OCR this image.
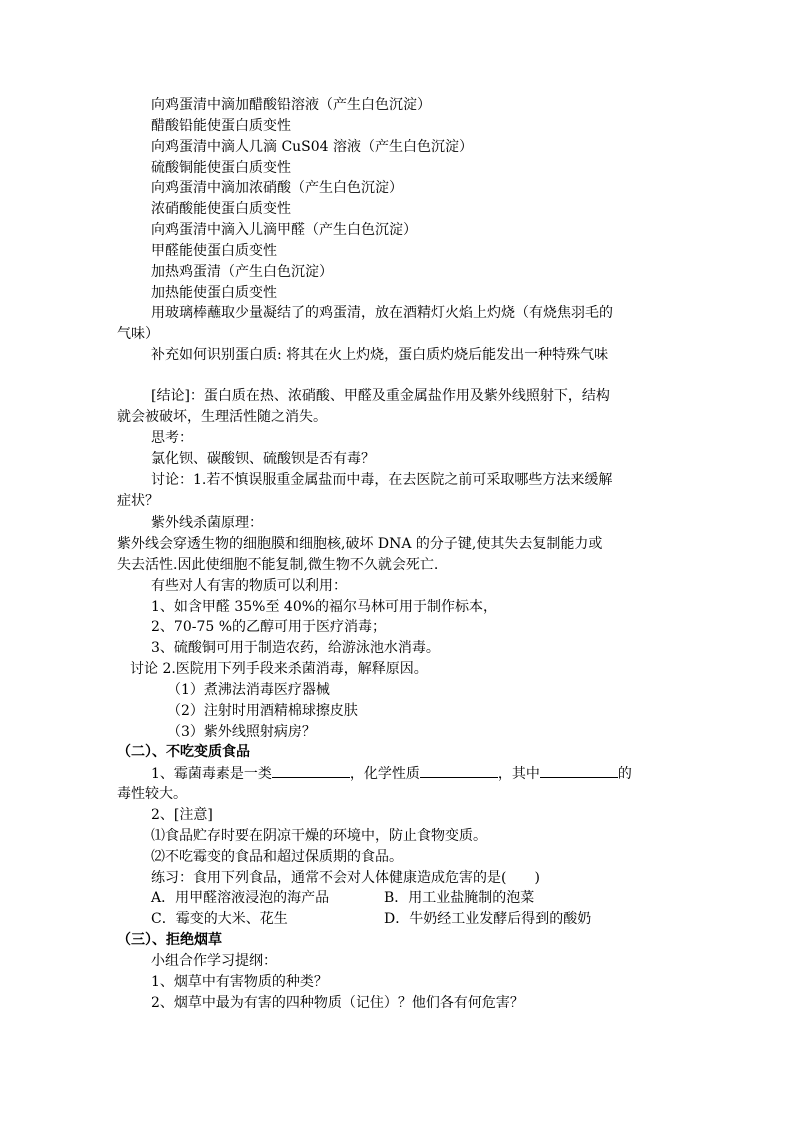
向鸡蛋清中滴加醋酸铅溶液（产生白色沉淀）
醋酸铅能使蛋白质变性
向鸡蛋清中滴人几滴 CuS04 溶液（产生白色沉淀）
硫酸铜能使蛋白质变性
向鸡蛋清中滴加浓硝酸（产生白色沉淀）
浓硝酸能使蛋白质变性
向鸡蛋清中滴入儿滴甲醛（产生白色沉淀）
甲醛能使蛋白质变性
加热鸡蛋清（产生白色沉淀）
加热能使蛋白质变性
用玻璃棒蘸取少量凝结了的鸡蛋清，放在酒精灯火焰上灼烧（有烧焦羽毛的
气味）
补充如何识别蛋白质: 将其在火上灼烧，蛋白质灼烧后能发出一种特殊气味
[结论]：蛋白质在热、浓硝酸、甲醛及重金属盐作用及紫外线照射下，结构
就会被破坏，生理活性随之消失。
思考：
氯化钡、碳酸钡、硫酸钡是否有毒？
讨论：1.若不慎误服重金属盐而中毒，在去医院之前可采取哪些方法来缓解
症状？
紫外线杀菌原理：
紫外线会穿透生物的细胞膜和细胞核,破坏 DNA 的分子键,使其失去复制能力或
失去活性.因此使细胞不能复制,微生物不久就会死亡.
有些对人有害的物质可以利用：
1、如含甲醛 35%至 40%的福尔马林可用于制作标本，
2、70-75 %的乙醇可用于医疗消毒；
3、硫酸铜可用于制造农药，给游泳池水消毒。
讨论 2.医院用下列手段来杀菌消毒，解释原因。
（1）煮沸法消毒医疗器械
（2）注射时用酒精棉球擦皮肤
（3）紫外线照射病房？
（二）、不吃变质食品
1、霉菌毒素是一类	，化学性质	，其中	的
毒性较大。
2、[注意]
⑴食品贮存时要在阴凉干燥的环境中，防止食物变质。
⑵不吃霉变的食品和超过保质期的食品。
练习：食用下列食品，通常不会对人体健康造成危害的是( )
A．用甲醛溶液浸泡的海产品	B．用工业盐腌制的泡菜
C．霉变的大米、花生	D．牛奶经工业发酵后得到的酸奶
（三）、拒绝烟草
小组合作学习提纲：
1、烟草中有害物质的种类？
2、烟草中最为有害的四种物质（记住）？他们各有何危害？
